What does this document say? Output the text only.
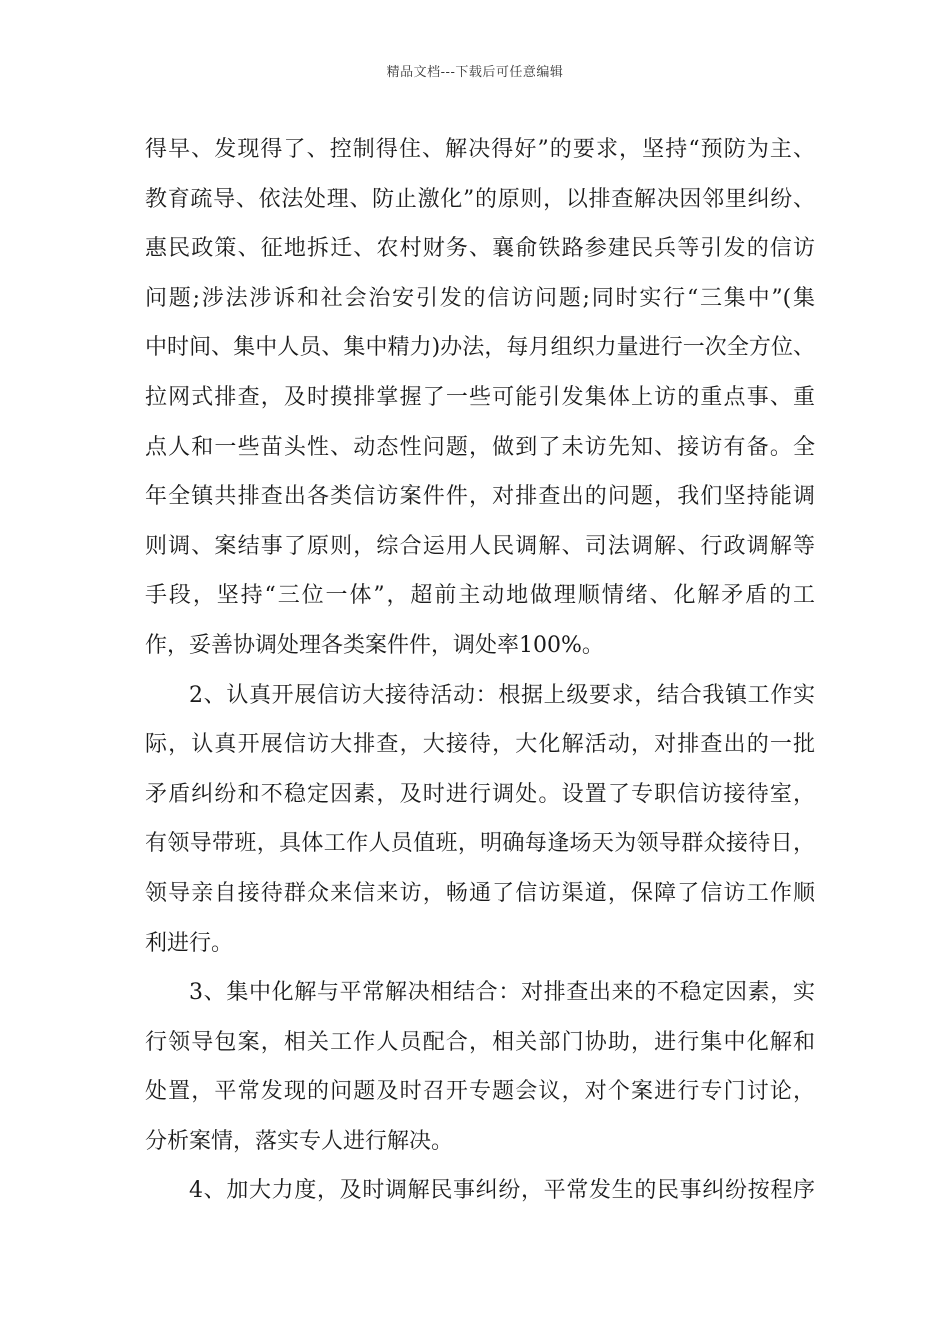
精品文档---下载后可任意编辑
得早、发现得了、控制得住、解决得好”的要求，坚持“预防为主、
教育疏导、依法处理、防止激化”的原则，以排查解决因邻里纠纷、
惠民政策、征地拆迁、农村财务、襄俞铁路参建民兵等引发的信访
问题;涉法涉诉和社会治安引发的信访问题;同时实行“三集中”(集
中时间、集中人员、集中精力)办法，每月组织力量进行一次全方位、
拉网式排查，及时摸排掌握了一些可能引发集体上访的重点事、重
点人和一些苗头性、动态性问题，做到了未访先知、接访有备。全
年全镇共排查出各类信访案件件，对排查出的问题，我们坚持能调
则调、案结事了原则，综合运用人民调解、司法调解、行政调解等
手段，坚持“三位一体”，超前主动地做理顺情绪、化解矛盾的工
作，妥善协调处理各类案件件，调处率100%。
2、认真开展信访大接待活动：根据上级要求，结合我镇工作实
际，认真开展信访大排查，大接待，大化解活动，对排查出的一批
矛盾纠纷和不稳定因素，及时进行调处。设置了专职信访接待室，
有领导带班，具体工作人员值班，明确每逢场天为领导群众接待日，
领导亲自接待群众来信来访，畅通了信访渠道，保障了信访工作顺
利进行。
3、集中化解与平常解决相结合：对排查出来的不稳定因素，实
行领导包案，相关工作人员配合，相关部门协助，进行集中化解和
处置，平常发现的问题及时召开专题会议，对个案进行专门讨论，
分析案情，落实专人进行解决。
4、加大力度，及时调解民事纠纷，平常发生的民事纠纷按程序
